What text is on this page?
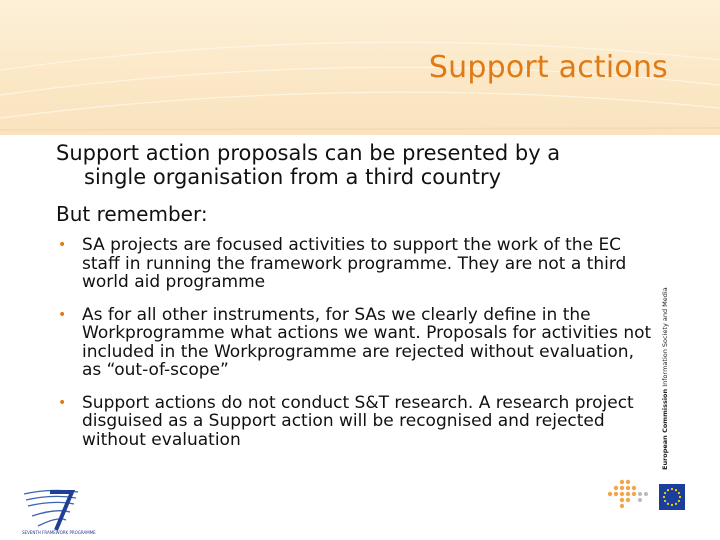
Support actions
Support action proposals can be presented by a
single organisation from a third country
But remember:
• SA projects are focused activities to support the work of the EC staff in running the framework programme. They are not a third world aid programme
• As for all other instruments, for SAs we clearly define in the Workprogramme what actions we want. Proposals for activities not included in the Workprogramme are rejected without evaluation, as “out-of-scope”
• Support actions do not conduct S&T research. A research project disguised as a Support action will be recognised and rejected without evaluation	European Commission Information Society and Media
SEVENTH FRAMEWORK PROGRAMME
